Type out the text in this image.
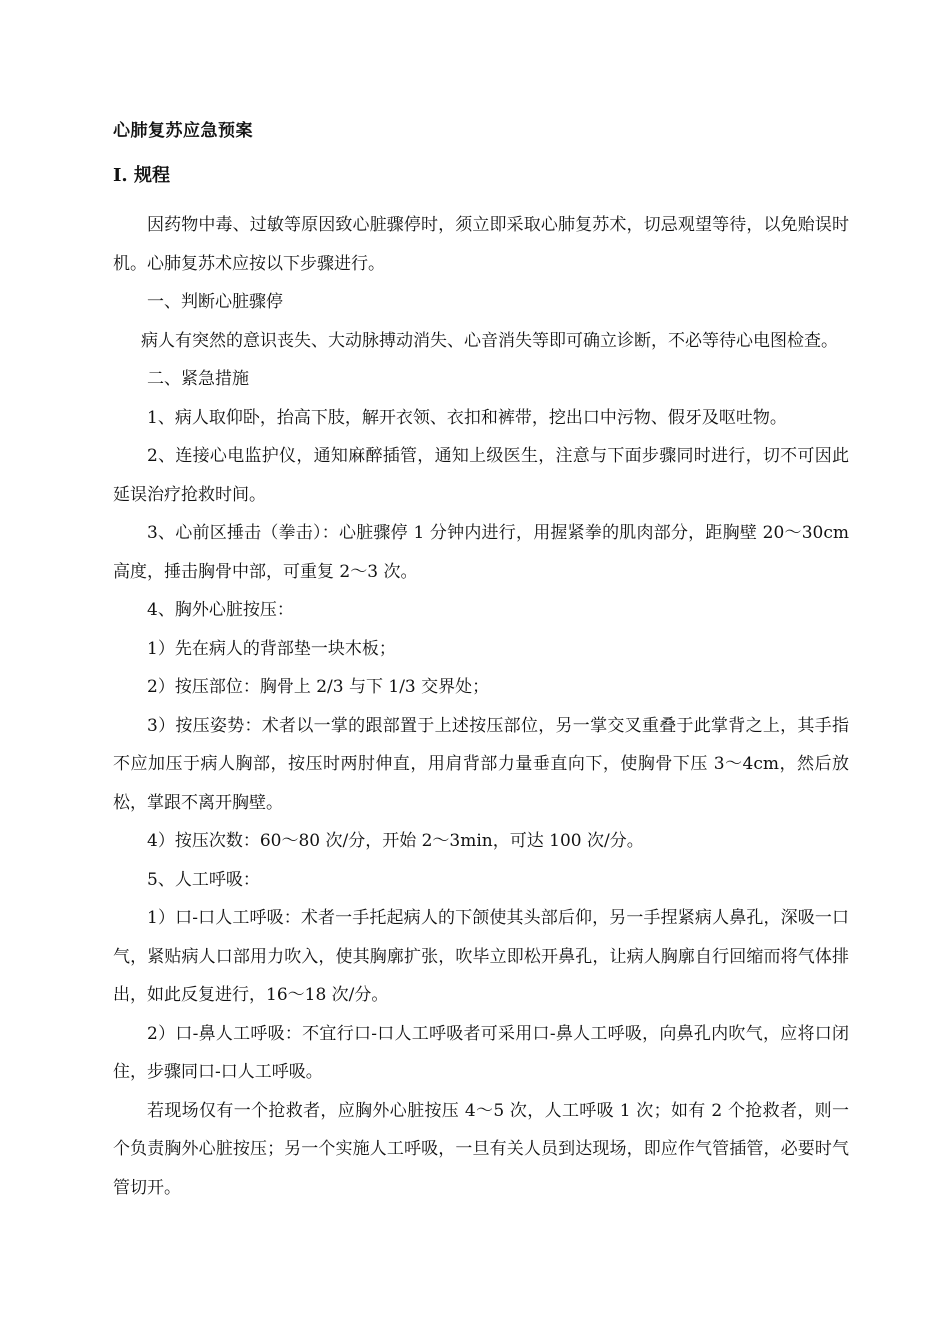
心肺复苏应急预案
I. 规程

因药物中毒、过敏等原因致心脏骤停时，须立即采取心肺复苏术，切忌观望等待，以免贻误时机。心肺复苏术应按以下步骤进行。

一、判断心脏骤停

病人有突然的意识丧失、大动脉搏动消失、心音消失等即可确立诊断，不必等待心电图检查。

二、紧急措施

1、病人取仰卧，抬高下肢，解开衣领、衣扣和裤带，挖出口中污物、假牙及呕吐物。

2、连接心电监护仪，通知麻醉插管，通知上级医生，注意与下面步骤同时进行，切不可因此延误治疗抢救时间。

3、心前区捶击（拳击）：心脏骤停 1 分钟内进行，用握紧拳的肌肉部分，距胸壁 20～30cm 高度，捶击胸骨中部，可重复 2～3 次。

4、胸外心脏按压：

1）先在病人的背部垫一块木板；

2）按压部位：胸骨上 2/3 与下 1/3 交界处；

3）按压姿势：术者以一掌的跟部置于上述按压部位，另一掌交叉重叠于此掌背之上，其手指不应加压于病人胸部，按压时两肘伸直，用肩背部力量垂直向下，使胸骨下压 3～4cm，然后放松，掌跟不离开胸壁。

4）按压次数：60～80 次/分，开始 2～3min，可达 100 次/分。

5、人工呼吸：

1）口-口人工呼吸：术者一手托起病人的下颌使其头部后仰，另一手捏紧病人鼻孔，深吸一口气，紧贴病人口部用力吹入，使其胸廓扩张，吹毕立即松开鼻孔，让病人胸廓自行回缩而将气体排出，如此反复进行，16～18 次/分。

2）口-鼻人工呼吸：不宜行口-口人工呼吸者可采用口-鼻人工呼吸，向鼻孔内吹气，应将口闭住，步骤同口-口人工呼吸。

若现场仅有一个抢救者，应胸外心脏按压 4～5 次，人工呼吸 1 次；如有 2 个抢救者，则一个负责胸外心脏按压；另一个实施人工呼吸，一旦有关人员到达现场，即应作气管插管，必要时气管切开。
